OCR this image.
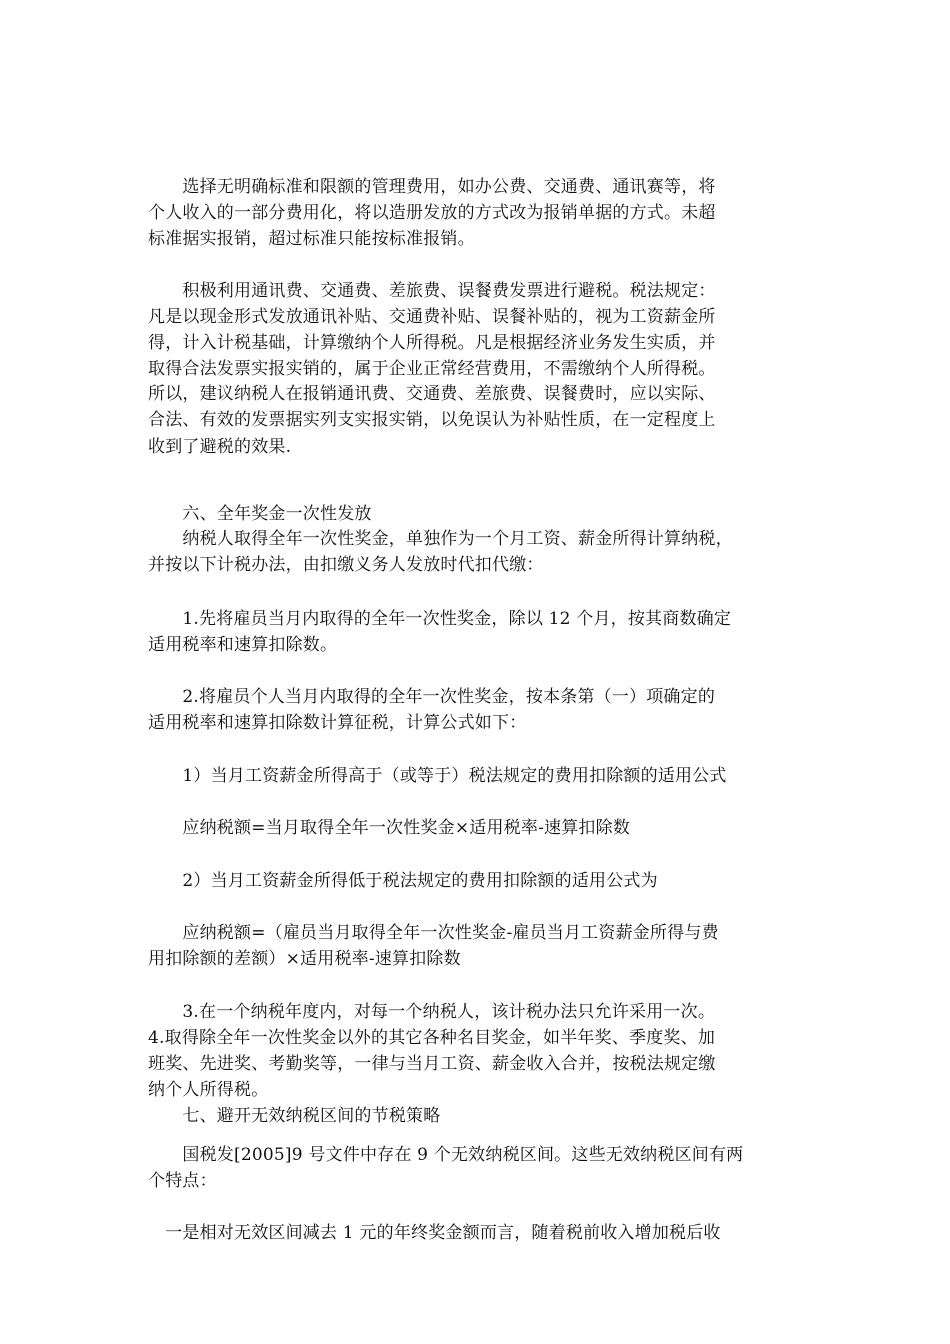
　　选择无明确标准和限额的管理费用，如办公费、交通费、通讯赛等，将

个人收入的一部分费用化，将以造册发放的方式改为报销单据的方式。未超

标准据实报销，超过标准只能按标准报销。

　　积极利用通讯费、交通费、差旅费、误餐费发票进行避税。税法规定：

凡是以现金形式发放通讯补贴、交通费补贴、误餐补贴的，视为工资薪金所

得，计入计税基础，计算缴纳个人所得税。凡是根据经济业务发生实质，并

取得合法发票实报实销的，属于企业正常经营费用，不需缴纳个人所得税。

所以，建议纳税人在报销通讯费、交通费、差旅费、误餐费时，应以实际、

合法、有效的发票据实列支实报实销，以免误认为补贴性质，在一定程度上

收到了避税的效果.

　　六、全年奖金一次性发放

　　纳税人取得全年一次性奖金，单独作为一个月工资、薪金所得计算纳税，

并按以下计税办法，由扣缴义务人发放时代扣代缴：

　　1.先将雇员当月内取得的全年一次性奖金，除以 12 个月，按其商数确定

适用税率和速算扣除数。

　　2.将雇员个人当月内取得的全年一次性奖金，按本条第（一）项确定的

适用税率和速算扣除数计算征税，计算公式如下：

　　1）当月工资薪金所得高于（或等于）税法规定的费用扣除额的适用公式

　　应纳税额=当月取得全年一次性奖金×适用税率-速算扣除数

　　2）当月工资薪金所得低于税法规定的费用扣除额的适用公式为

　　应纳税额=（雇员当月取得全年一次性奖金-雇员当月工资薪金所得与费

用扣除额的差额）×适用税率-速算扣除数

　　3.在一个纳税年度内，对每一个纳税人，该计税办法只允许采用一次。

4.取得除全年一次性奖金以外的其它各种名目奖金，如半年奖、季度奖、加

班奖、先进奖、考勤奖等，一律与当月工资、薪金收入合并，按税法规定缴

纳个人所得税。

　　七、避开无效纳税区间的节税策略

　　国税发[2005]9 号文件中存在 9 个无效纳税区间。这些无效纳税区间有两

个特点：

　一是相对无效区间减去 1 元的年终奖金额而言，随着税前收入增加税后收
